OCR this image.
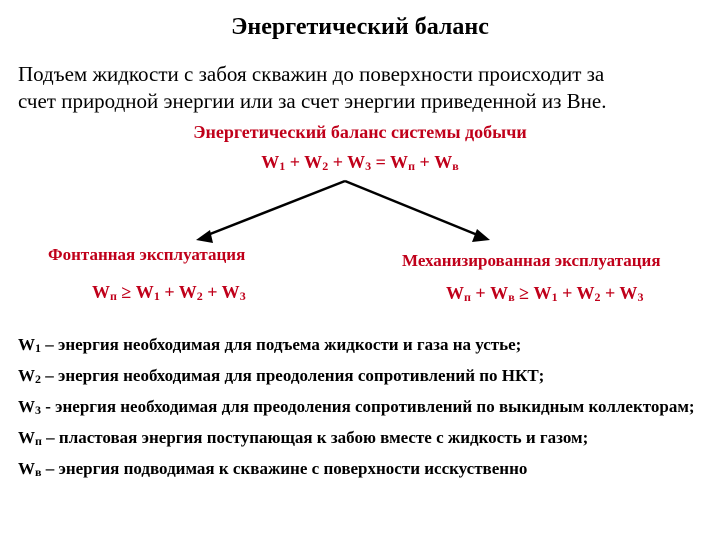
Энергетический баланс
Подъем жидкости с забоя скважин до поверхности происходит за
счет природной энергии или за счет энергии приведенной из Вне.
Энергетический баланс системы добычи
$W_1 + W_2 + W_3 = W_п + W_в$
Фонтанная эксплуатация	Механизированная эксплуатация
$W_п \ge W_1 + W_2 + W_3$	$W_п + W_в \ge W_1 + W_2 + W_3$
$W_1$ – энергия необходимая для подъема жидкости и газа на устье;
$W_2$ – энергия необходимая для преодоления сопротивлений по НКТ;
$W_3$ - энергия необходимая для преодоления сопротивлений по выкидным коллекторам;
$W_п$ – пластовая энергия поступающая к забою вместе с жидкость и газом;
$W_в$ – энергия подводимая к скважине с поверхности исскуственно
